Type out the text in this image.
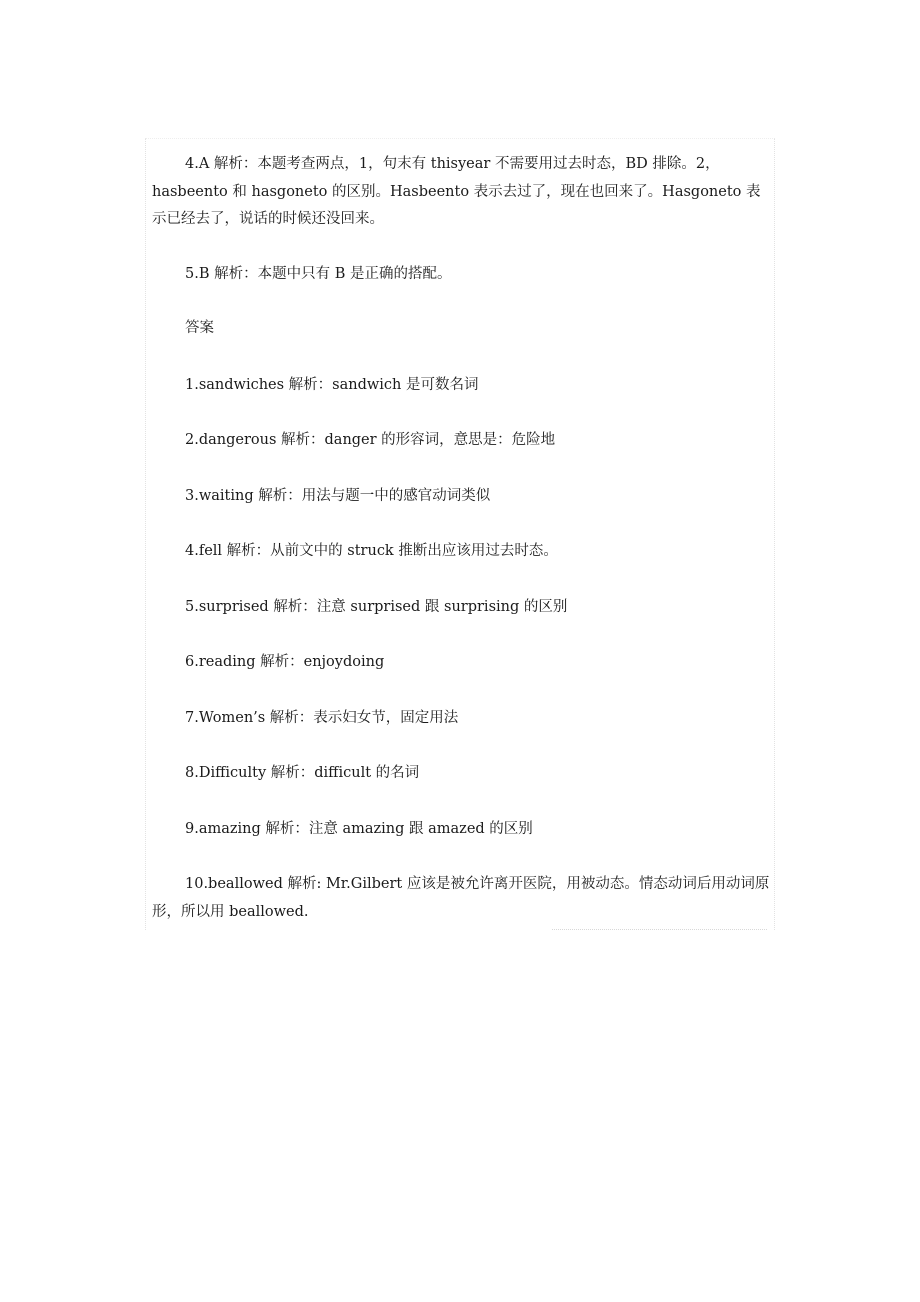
4.A 解析：本题考查两点，1，句末有 thisyear 不需要用过去时态，BD 排除。2，hasbeento 和 hasgoneto 的区别。Hasbeento 表示去过了，现在也回来了。Hasgoneto 表示已经去了，说话的时候还没回来。

5.B 解析：本题中只有 B 是正确的搭配。

答案

1.sandwiches 解析：sandwich 是可数名词

2.dangerous 解析：danger 的形容词，意思是：危险地

3.waiting 解析：用法与题一中的感官动词类似

4.fell 解析：从前文中的 struck 推断出应该用过去时态。

5.surprised 解析：注意 surprised 跟 surprising 的区别

6.reading 解析：enjoydoing

7.Women’s 解析：表示妇女节，固定用法

8.Difficulty 解析：difficult 的名词

9.amazing 解析：注意 amazing 跟 amazed 的区别

10.beallowed 解析: Mr.Gilbert 应该是被允许离开医院，用被动态。情态动词后用动词原形，所以用 beallowed.
